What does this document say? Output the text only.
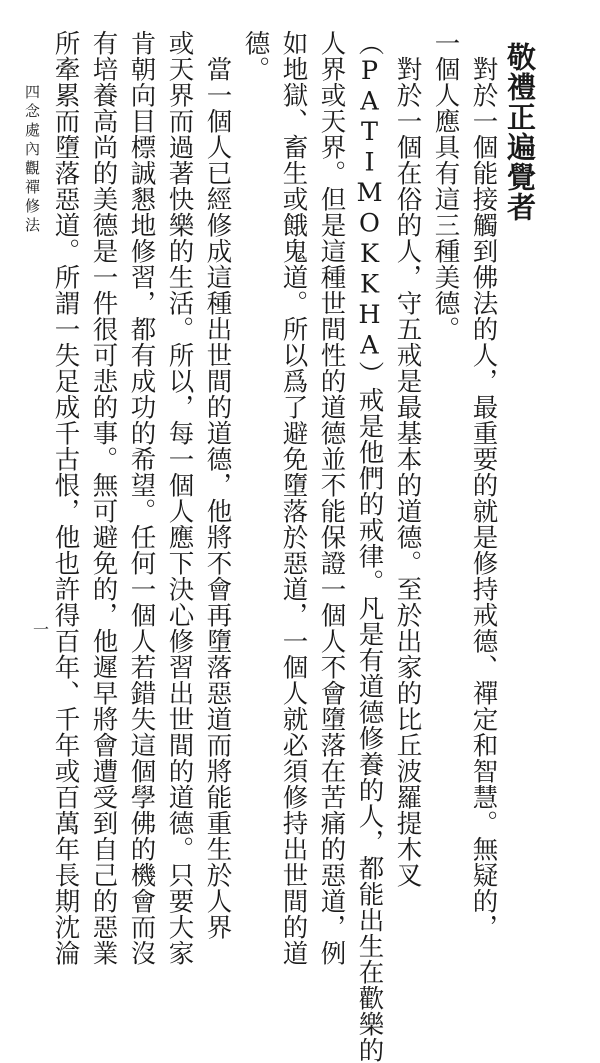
敬禮正遍覺者
對於一個能接觸到佛法的人，最重要的就是修持戒德、禪定和智慧。無疑的，
一個人應具有這三種美德。
對於一個在俗的人，守五戒是最基本的道德。至於出家的比丘波羅提木叉
（PATIMOKKHA）戒是他們的戒律。凡是有道德修養的人，都能出生在歡樂的
人界或天界。但是這種世間性的道德並不能保證一個人不會墮落在苦痛的惡道，例
如地獄、畜生或餓鬼道。所以爲了避免墮落於惡道，一個人就必須修持出世間的道
德。
當一個人已經修成這種出世間的道德，他將不會再墮落惡道而將能重生於人界
或天界而過著快樂的生活。所以，每一個人應下決心修習出世間的道德。只要大家
肯朝向目標誠懇地修習，都有成功的希望。任何一個人若錯失這個學佛的機會而沒
有培養高尚的美德是一件很可悲的事。無可避免的，他遲早將會遭受到自己的惡業
所牽累而墮落惡道。所謂一失足成千古恨，他也許得百年、千年或百萬年長期沈淪
四念處內觀禪修法
一
